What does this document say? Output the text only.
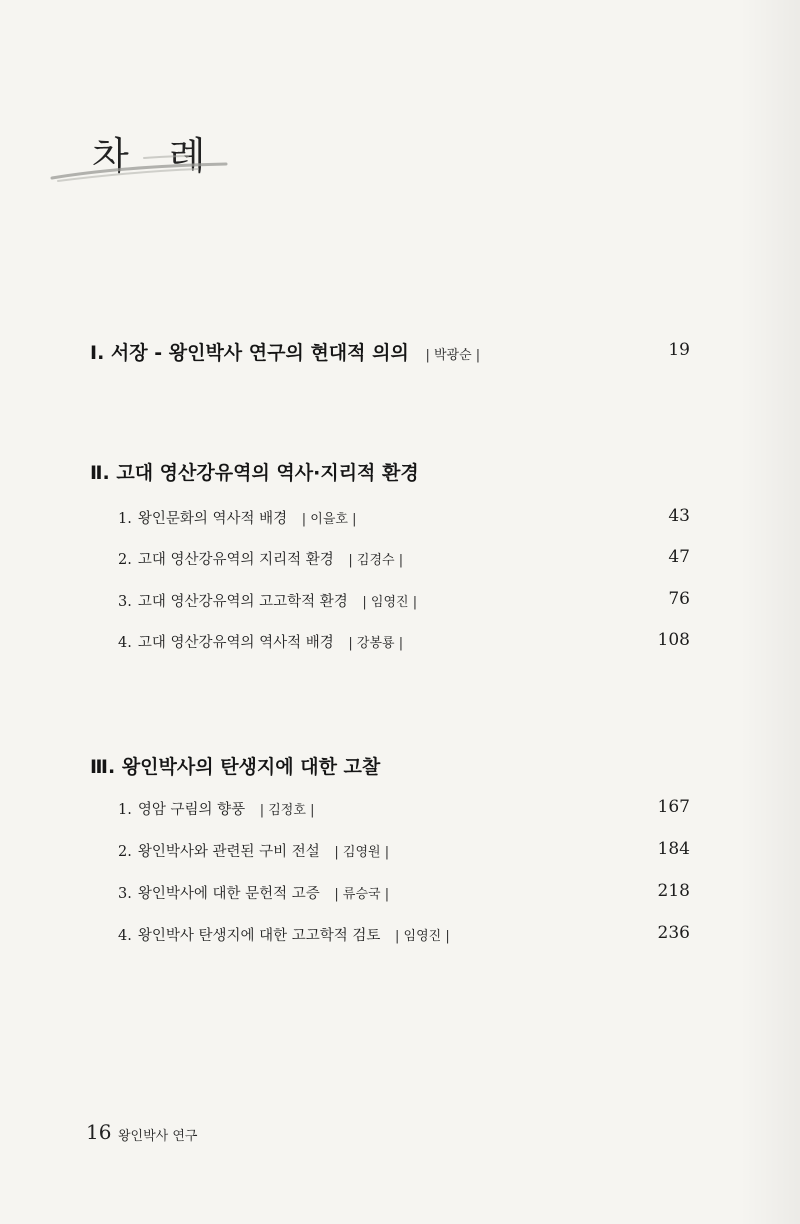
차 례
Ⅰ. 서장 - 왕인박사 연구의 현대적 의의 | 박광순 |	19
Ⅱ. 고대 영산강유역의 역사·지리적 환경
1. 왕인문화의 역사적 배경 | 이을호 |	43
2. 고대 영산강유역의 지리적 환경 | 김경수 |	47
3. 고대 영산강유역의 고고학적 환경 | 임영진 |	76
4. 고대 영산강유역의 역사적 배경 | 강봉룡 |	108
Ⅲ. 왕인박사의 탄생지에 대한 고찰
1. 영암 구림의 향풍 | 김정호 |	167
2. 왕인박사와 관련된 구비 전설 | 김영원 |	184
3. 왕인박사에 대한 문헌적 고증 | 류승국 |	218
4. 왕인박사 탄생지에 대한 고고학적 검토 | 임영진 |	236
16 왕인박사 연구
